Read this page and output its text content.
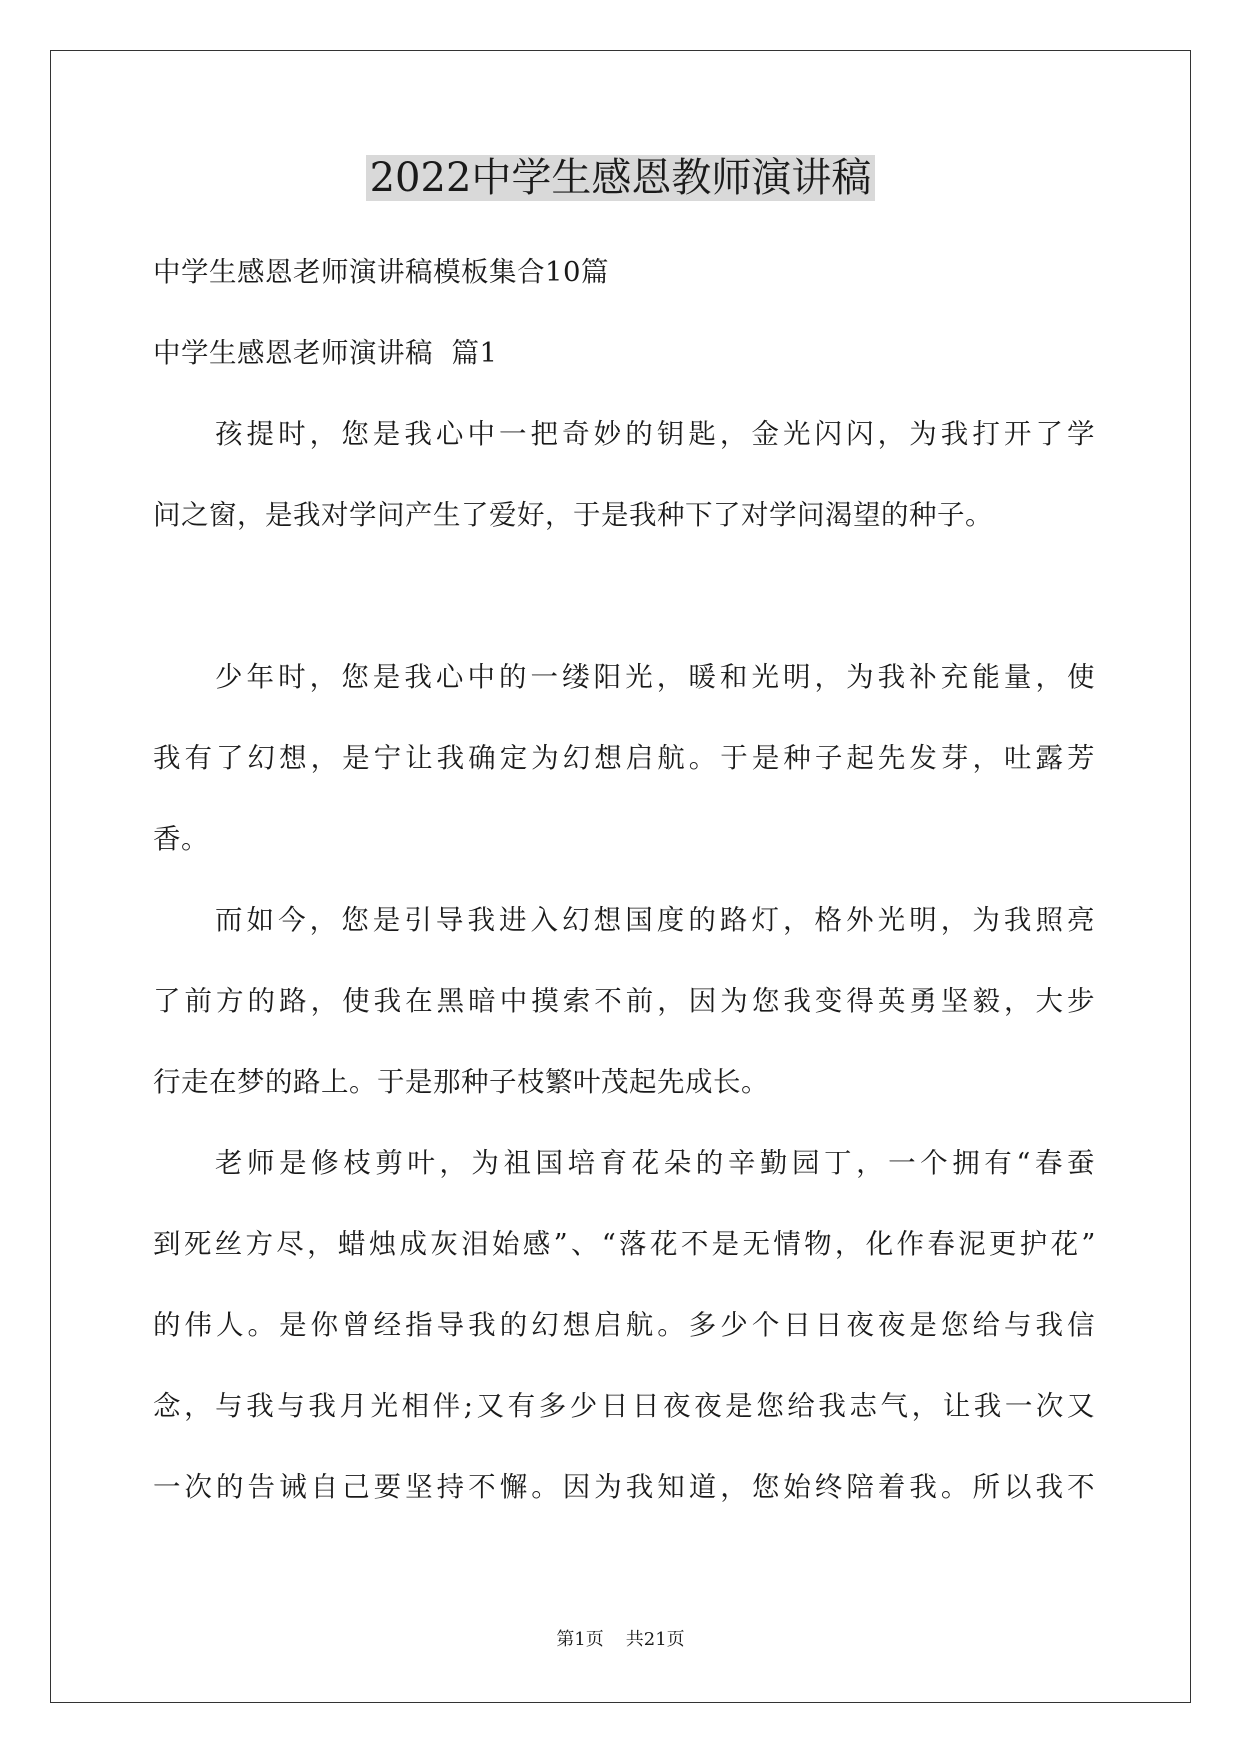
2022中学生感恩教师演讲稿
中学生感恩老师演讲稿模板集合10篇
中学生感恩老师演讲稿  篇1
孩提时，您是我心中一把奇妙的钥匙，金光闪闪，为我打开了学
问之窗，是我对学问产生了爱好，于是我种下了对学问渴望的种子。
少年时，您是我心中的一缕阳光，暖和光明，为我补充能量，使
我有了幻想，是宁让我确定为幻想启航。于是种子起先发芽，吐露芳
香。
而如今，您是引导我进入幻想国度的路灯，格外光明，为我照亮
了前方的路，使我在黑暗中摸索不前，因为您我变得英勇坚毅，大步
行走在梦的路上。于是那种子枝繁叶茂起先成长。
老师是修枝剪叶，为祖国培育花朵的辛勤园丁，一个拥有“春蚕
到死丝方尽，蜡烛成灰泪始感”、“落花不是无情物，化作春泥更护花”
的伟人。是你曾经指导我的幻想启航。多少个日日夜夜是您给与我信
念，与我与我月光相伴;又有多少日日夜夜是您给我志气，让我一次又
一次的告诫自己要坚持不懈。因为我知道，您始终陪着我。所以我不
第1页 共21页
